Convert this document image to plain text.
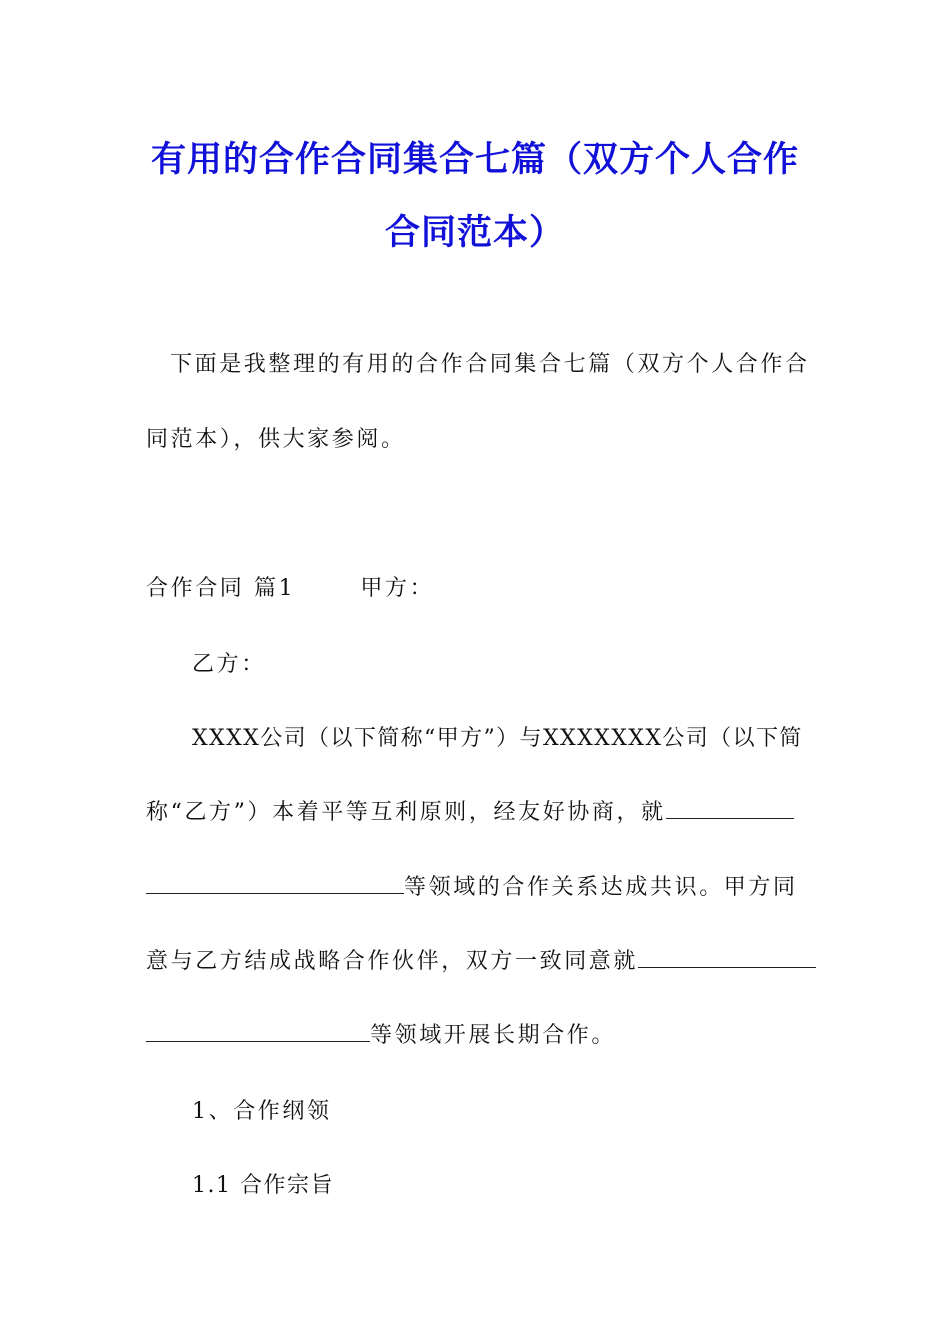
有用的合作合同集合七篇（双方个人合作
合同范本）
下面是我整理的有用的合作合同集合七篇（双方个人合作合
同范本），供大家参阅。
合作合同 篇1	甲方：
乙方：
XXXX公司（以下简称“甲方”）与XXXXXXX公司（以下简
称“乙方”）本着平等互利原则，经友好协商，就
等领域的合作关系达成共识。甲方同
意与乙方结成战略合作伙伴，双方一致同意就
等领域开展长期合作。
1、合作纲领
1.1 合作宗旨
